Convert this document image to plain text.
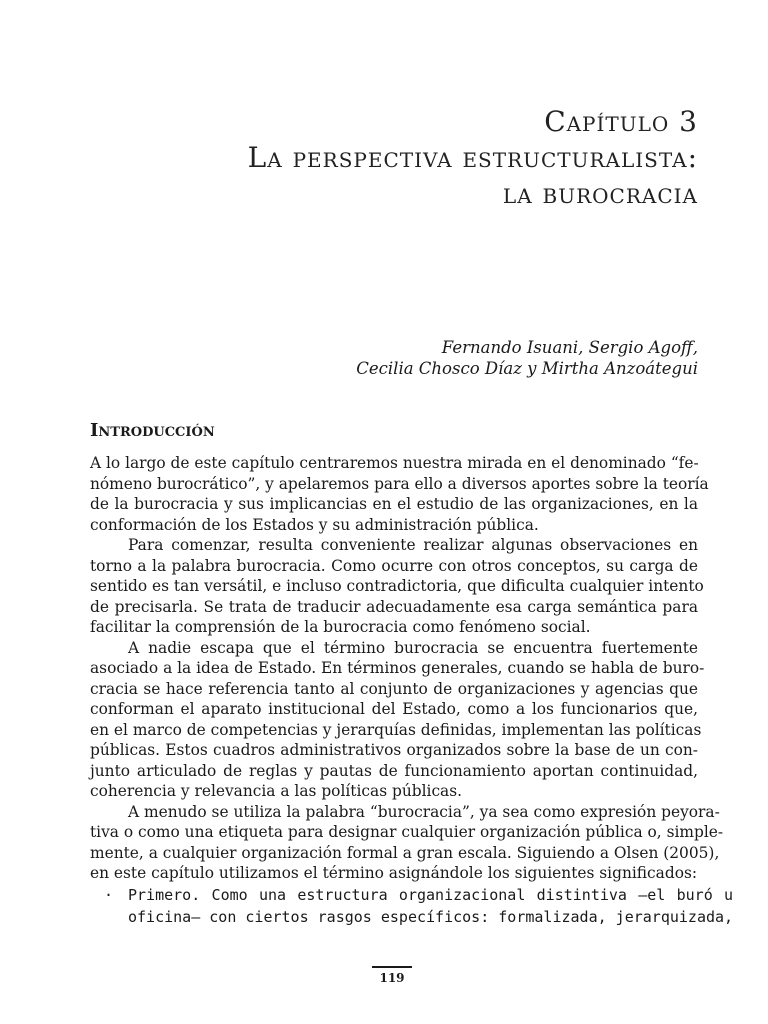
Capítulo 3
La perspectiva estructuralista:
la burocracia
Fernando Isuani, Sergio Agoff,
Cecilia Chosco Díaz y Mirtha Anzoátegui
Introducción
A lo largo de este capítulo centraremos nuestra mirada en el denominado “fe-
nómeno burocrático”, y apelaremos para ello a diversos aportes sobre la teoría
de la burocracia y sus implicancias en el estudio de las organizaciones, en la
conformación de los Estados y su administración pública.
Para comenzar, resulta conveniente realizar algunas observaciones en
torno a la palabra burocracia. Como ocurre con otros conceptos, su carga de
sentido es tan versátil, e incluso contradictoria, que dificulta cualquier intento
de precisarla. Se trata de traducir adecuadamente esa carga semántica para
facilitar la comprensión de la burocracia como fenómeno social.
A nadie escapa que el término burocracia se encuentra fuertemente
asociado a la idea de Estado. En términos generales, cuando se habla de buro-
cracia se hace referencia tanto al conjunto de organizaciones y agencias que
conforman el aparato institucional del Estado, como a los funcionarios que,
en el marco de competencias y jerarquías definidas, implementan las políticas
públicas. Estos cuadros administrativos organizados sobre la base de un con-
junto articulado de reglas y pautas de funcionamiento aportan continuidad,
coherencia y relevancia a las políticas públicas.
A menudo se utiliza la palabra “burocracia”, ya sea como expresión peyora-
tiva o como una etiqueta para designar cualquier organización pública o, simple-
mente, a cualquier organización formal a gran escala. Siguiendo a Olsen (2005),
en este capítulo utilizamos el término asignándole los siguientes significados:
· Primero. Como una estructura organizacional distintiva –el buró u
oficina– con ciertos rasgos específicos: formalizada, jerarquizada,
119
